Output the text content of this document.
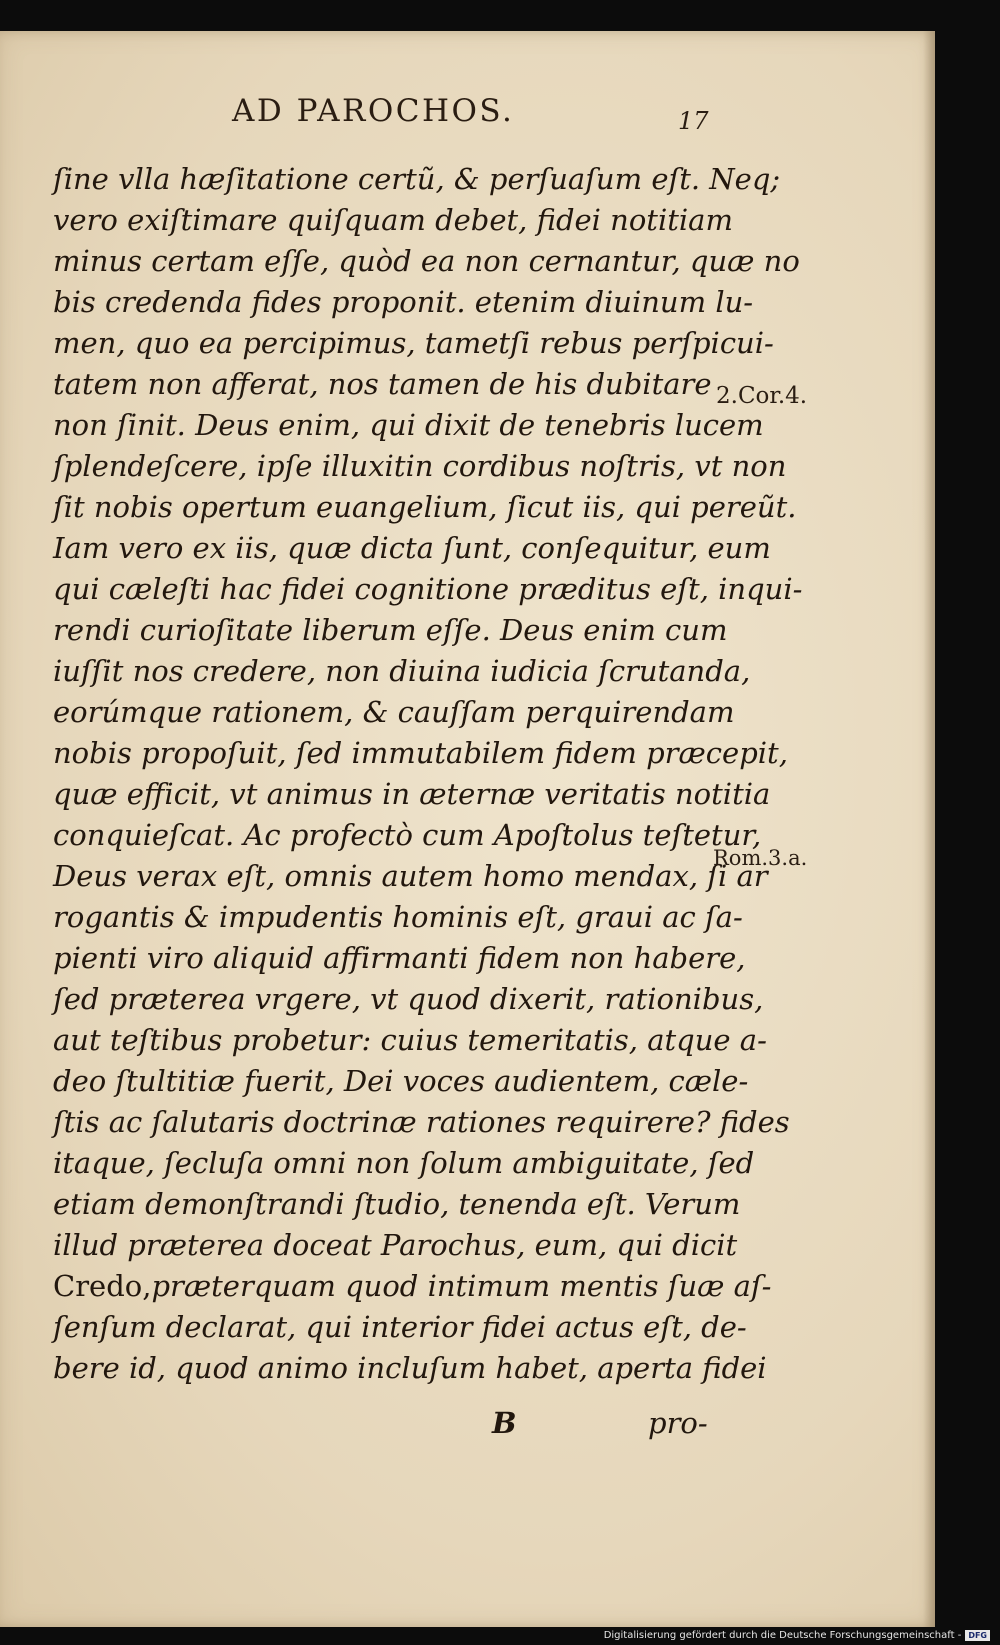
AD PAROCHOS.	17
ſine vlla hæſitatione certũ, & perſuaſum eſt. Neq;
vero exiſtimare quiſquam debet, fidei notitiam
minus certam eſſe, quòd ea non cernantur, quæ no
bis credenda fides proponit. etenim diuinum lu-
men, quo ea percipimus, tametſi rebus perſpicui-
tatem non afferat, nos tamen de his dubitare
non ſinit. Deus enim, qui dixit de tenebris lucem
ſplendeſcere, ipſe illuxitin cordibus noſtris, vt non
ſit nobis opertum euangelium, ſicut iis, qui pereũt.
Iam vero ex iis, quæ dicta ſunt, conſequitur, eum
qui cæleſti hac fidei cognitione præditus eſt, inqui-
rendi curioſitate liberum eſſe. Deus enim cum
iuſſit nos credere, non diuina iudicia ſcrutanda,
eorúmque rationem, & cauſſam perquirendam
nobis propoſuit, ſed immutabilem fidem præcepit,
quæ efficit, vt animus in æternæ veritatis notitia
conquieſcat. Ac profectò cum Apoſtolus teſtetur,
Deus verax eſt, omnis autem homo mendax, ſi ar
rogantis & impudentis hominis eſt, graui ac ſa-
pienti viro aliquid affirmanti fidem non habere,
ſed præterea vrgere, vt quod dixerit, rationibus,
aut teſtibus probetur: cuius temeritatis, atque a-
deo ſtultitiæ fuerit, Dei voces audientem, cæle-
ſtis ac ſalutaris doctrinæ rationes requirere? fides
itaque, ſecluſa omni non ſolum ambiguitate, ſed
etiam demonſtrandi ſtudio, tenenda eſt. Verum
illud præterea doceat Parochus, eum, qui dicit
Credo,præterquam quod intimum mentis ſuæ aſ-
ſenſum declarat, qui interior fidei actus eſt, de-
bere id, quod animo incluſum habet, aperta fidei
2.Cor.4.
Rom.3.a.
B	pro-
Digitalisierung gefördert durch die Deutsche Forschungsgemeinschaft - DFG
